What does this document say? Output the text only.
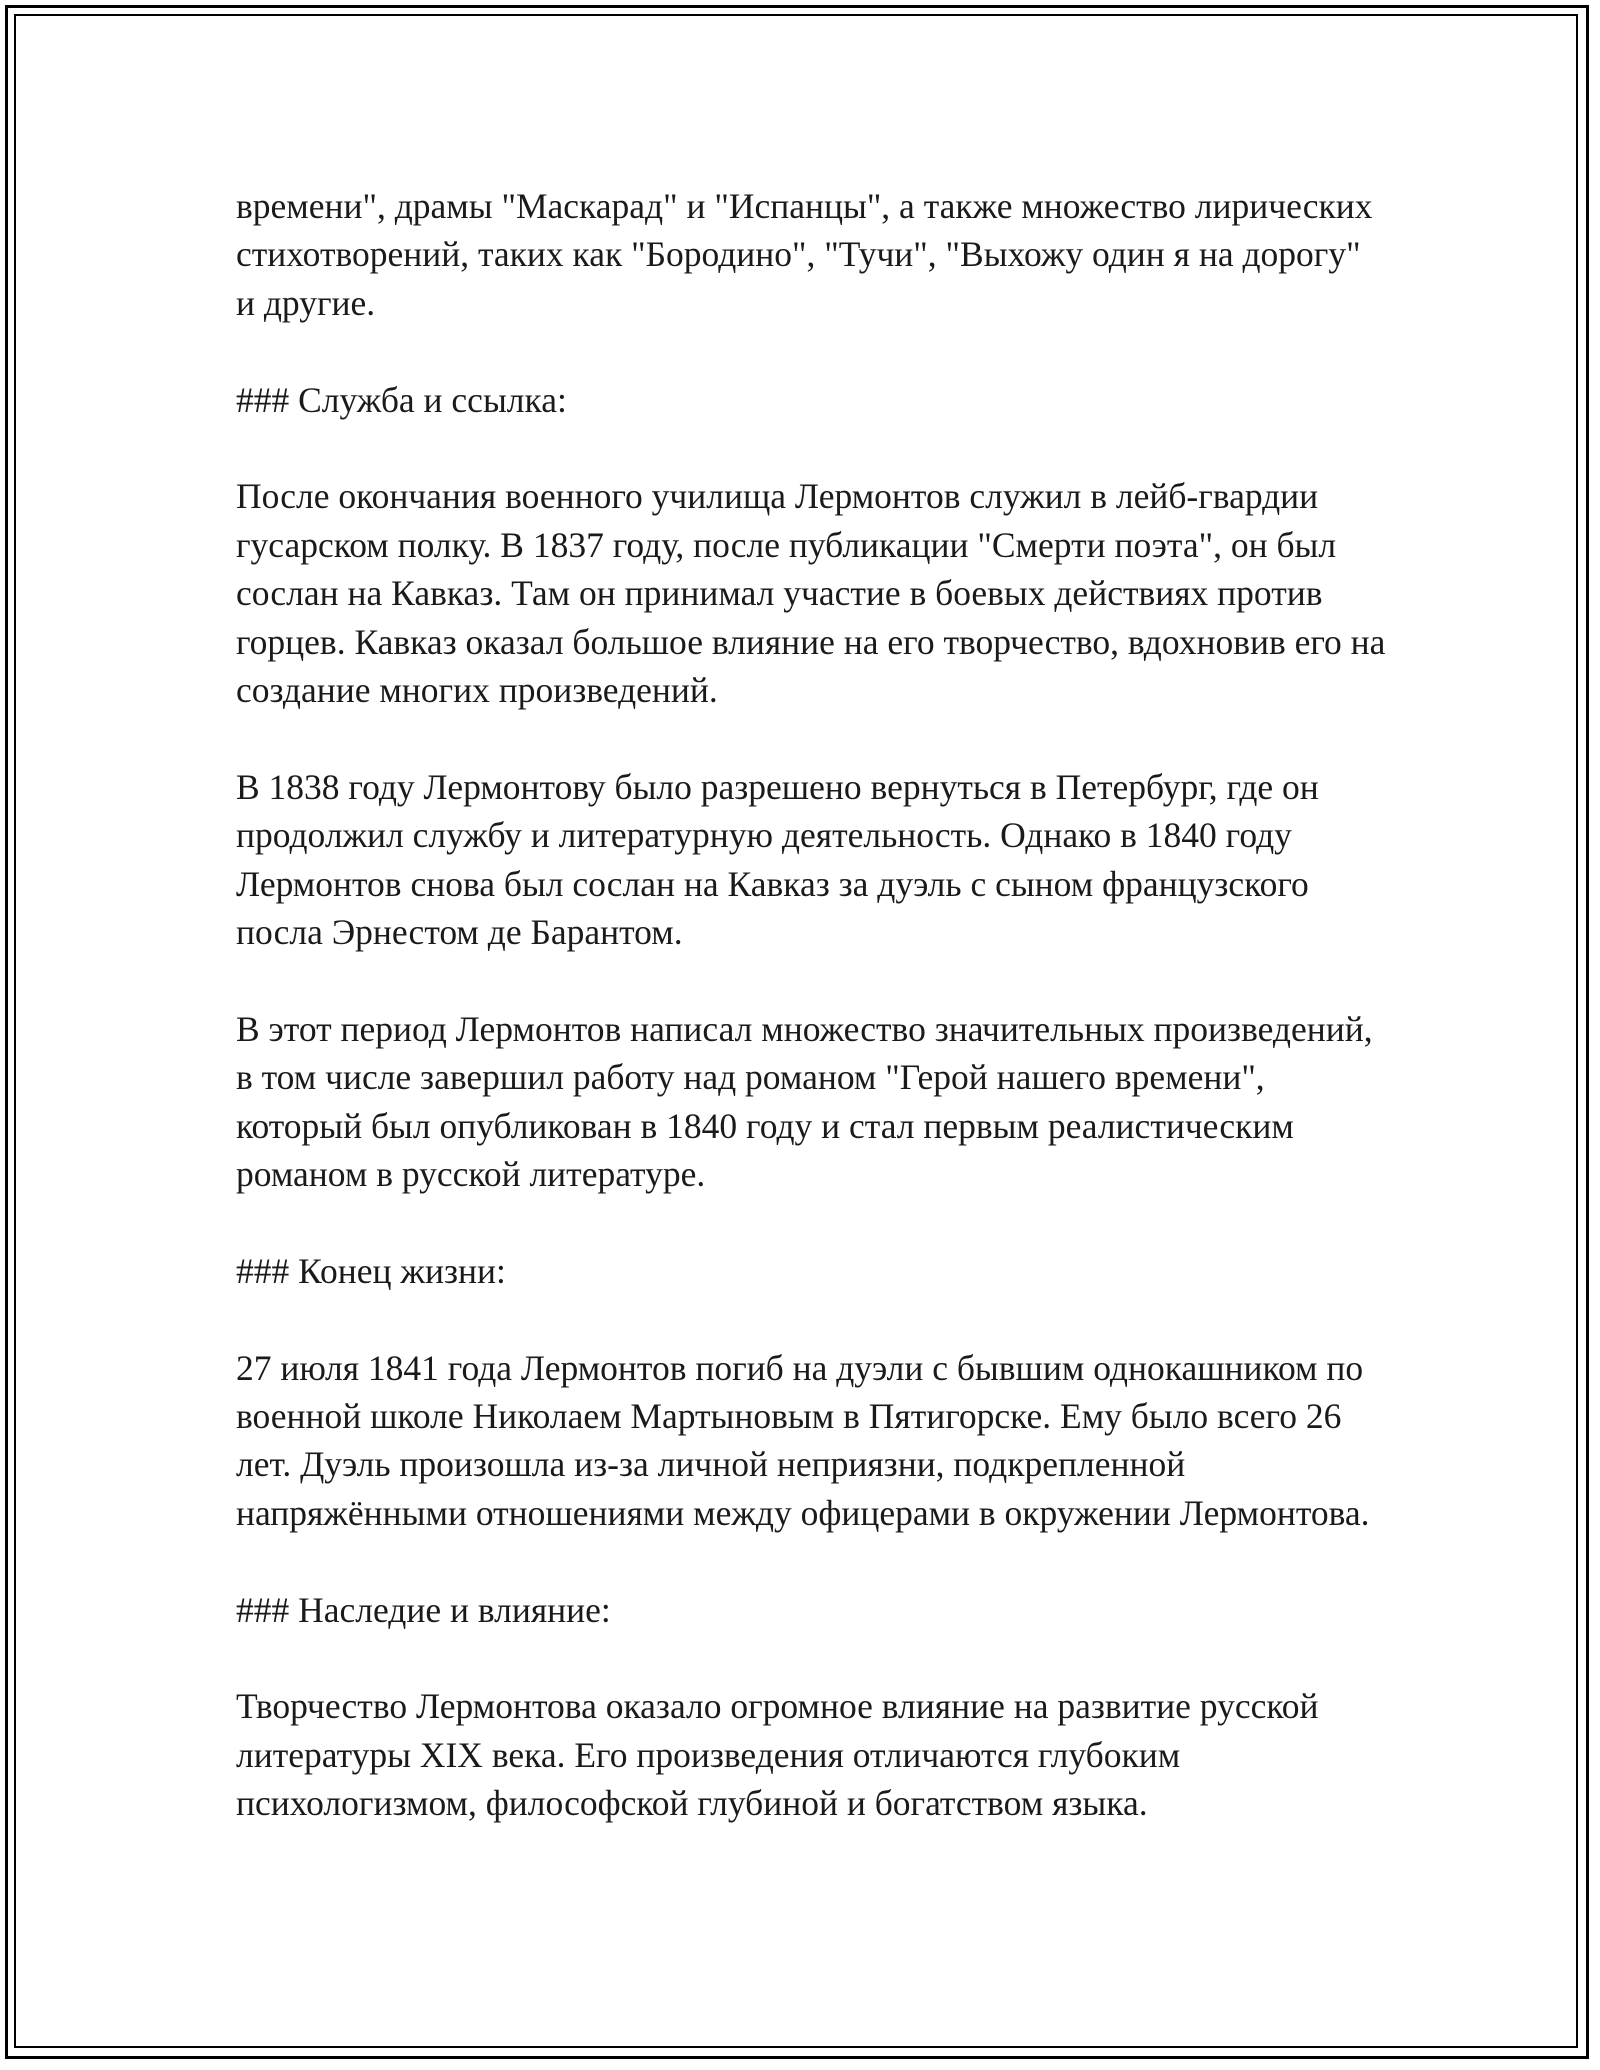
времени", драмы "Маскарад" и "Испанцы", а также множество лирических стихотворений, таких как "Бородино", "Тучи", "Выхожу один я на дорогу" и другие.

### Служба и ссылка:

После окончания военного училища Лермонтов служил в лейб-гвардии гусарском полку. В 1837 году, после публикации "Смерти поэта", он был сослан на Кавказ. Там он принимал участие в боевых действиях против горцев. Кавказ оказал большое влияние на его творчество, вдохновив его на создание многих произведений.

В 1838 году Лермонтову было разрешено вернуться в Петербург, где он продолжил службу и литературную деятельность. Однако в 1840 году Лермонтов снова был сослан на Кавказ за дуэль с сыном французского посла Эрнестом де Барантом.

В этот период Лермонтов написал множество значительных произведений, в том числе завершил работу над романом "Герой нашего времени", который был опубликован в 1840 году и стал первым реалистическим романом в русской литературе.

### Конец жизни:

27 июля 1841 года Лермонтов погиб на дуэли с бывшим однокашником по военной школе Николаем Мартыновым в Пятигорске. Ему было всего 26 лет. Дуэль произошла из-за личной неприязни, подкрепленной напряжёнными отношениями между офицерами в окружении Лермонтова.

### Наследие и влияние:

Творчество Лермонтова оказало огромное влияние на развитие русской литературы XIX века. Его произведения отличаются глубоким психологизмом, философской глубиной и богатством языка.
